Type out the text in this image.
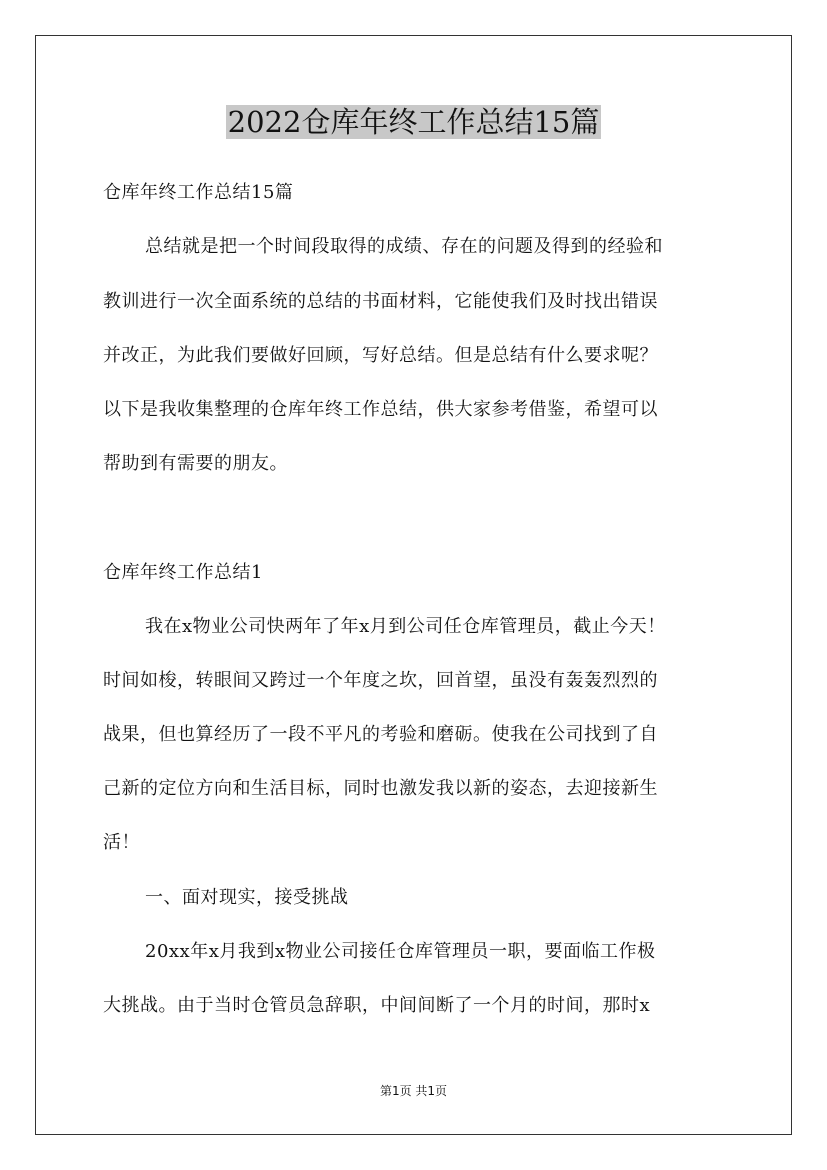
2022仓库年终工作总结15篇
仓库年终工作总结15篇
总结就是把一个时间段取得的成绩、存在的问题及得到的经验和
教训进行一次全面系统的总结的书面材料，它能使我们及时找出错误
并改正，为此我们要做好回顾，写好总结。但是总结有什么要求呢？
以下是我收集整理的仓库年终工作总结，供大家参考借鉴，希望可以
帮助到有需要的朋友。
仓库年终工作总结1
我在x物业公司快两年了年x月到公司任仓库管理员，截止今天！
时间如梭，转眼间又跨过一个年度之坎，回首望，虽没有轰轰烈烈的
战果，但也算经历了一段不平凡的考验和磨砺。使我在公司找到了自
己新的定位方向和生活目标，同时也激发我以新的姿态，去迎接新生
活！
一、面对现实，接受挑战
20xx年x月我到x物业公司接任仓库管理员一职，要面临工作极
大挑战。由于当时仓管员急辞职，中间间断了一个月的时间，那时x
第1页 共1页
